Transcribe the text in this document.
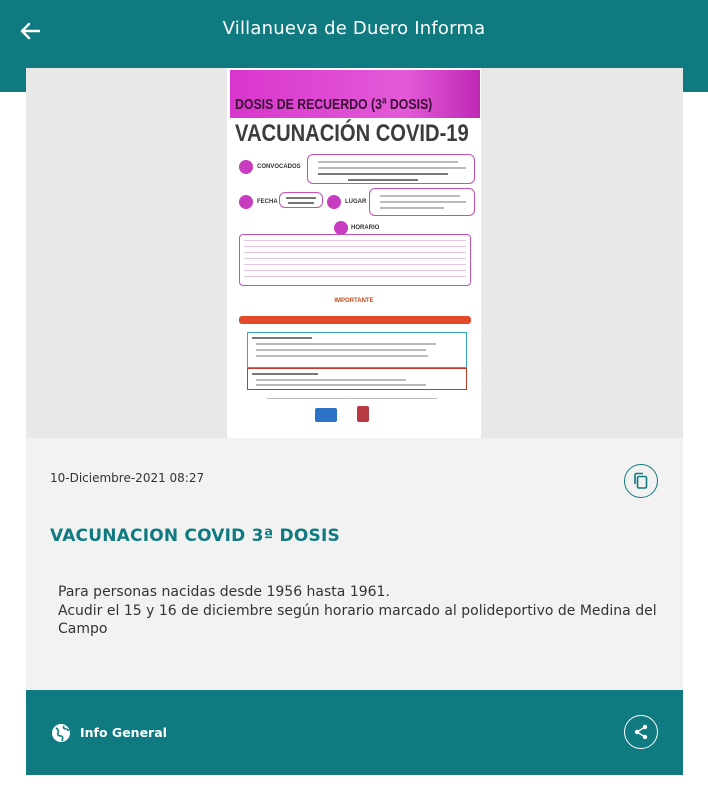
Villanueva de Duero Informa
DOSIS DE RECUERDO (3ª DOSIS)
VACUNACIÓN COVID-19
CONVOCADOS
FECHA	LUGAR
HORARIO
IMPORTANTE
10-Diciembre-2021 08:27
VACUNACION COVID 3ª DOSIS
Para personas nacidas desde 1956 hasta 1961.
Acudir el 15 y 16 de diciembre según horario marcado al polideportivo de Medina del Campo
Info General
